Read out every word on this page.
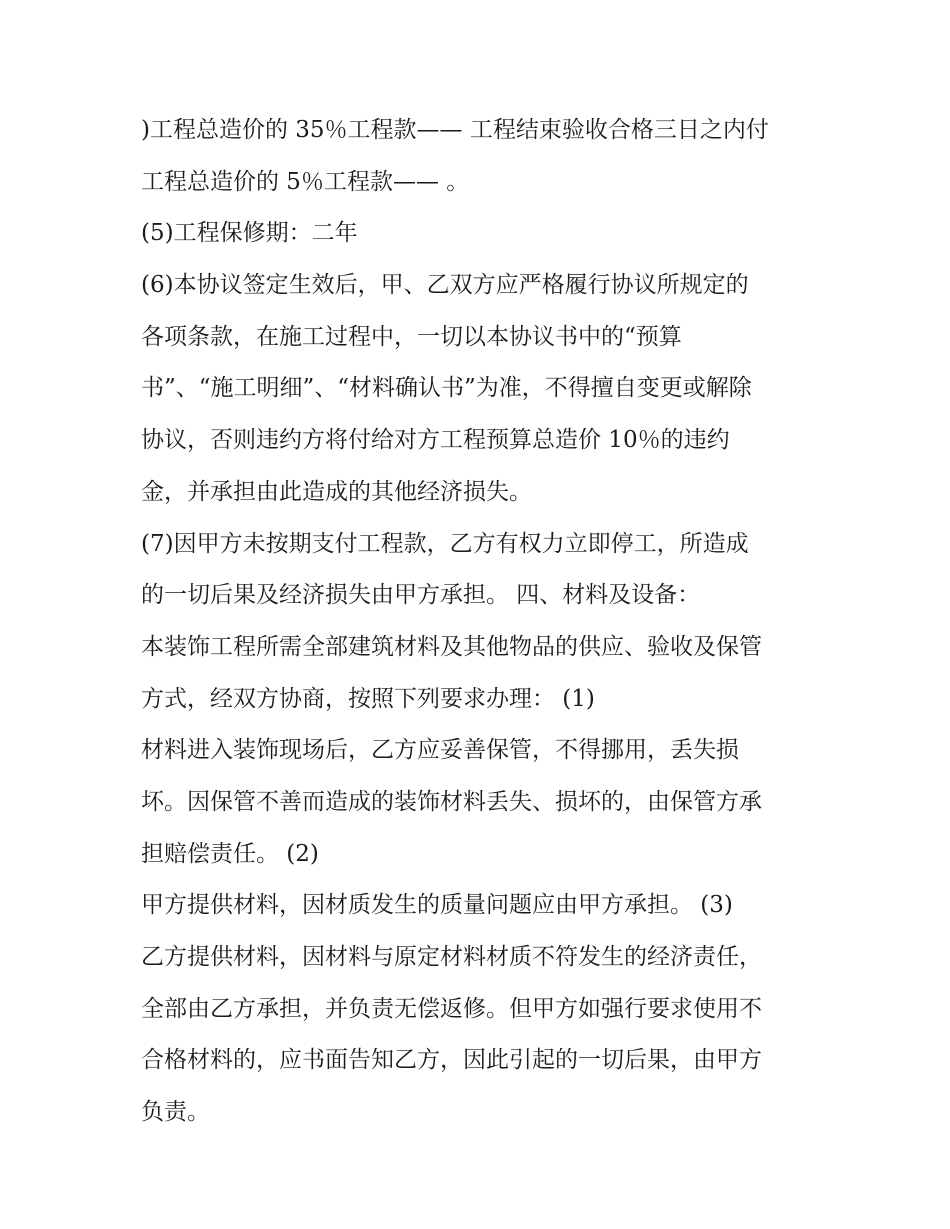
)工程总造价的 35％工程款—— 工程结束验收合格三日之内付
工程总造价的 5％工程款—— 。
(5)工程保修期：二年
(6)本协议签定生效后，甲、乙双方应严格履行协议所规定的
各项条款，在施工过程中，一切以本协议书中的“预算
书”、“施工明细”、“材料确认书”为准，不得擅自变更或解除
协议，否则违约方将付给对方工程预算总造价 10％的违约
金，并承担由此造成的其他经济损失。
(7)因甲方未按期支付工程款，乙方有权力立即停工，所造成
的一切后果及经济损失由甲方承担。 四、材料及设备：
本装饰工程所需全部建筑材料及其他物品的供应、验收及保管
方式，经双方协商，按照下列要求办理： (1)
材料进入装饰现场后，乙方应妥善保管，不得挪用，丢失损
坏。因保管不善而造成的装饰材料丢失、损坏的，由保管方承
担赔偿责任。 (2)
甲方提供材料，因材质发生的质量问题应由甲方承担。 (3)
乙方提供材料，因材料与原定材料材质不符发生的经济责任，
全部由乙方承担，并负责无偿返修。但甲方如强行要求使用不
合格材料的，应书面告知乙方，因此引起的一切后果，由甲方
负责。
